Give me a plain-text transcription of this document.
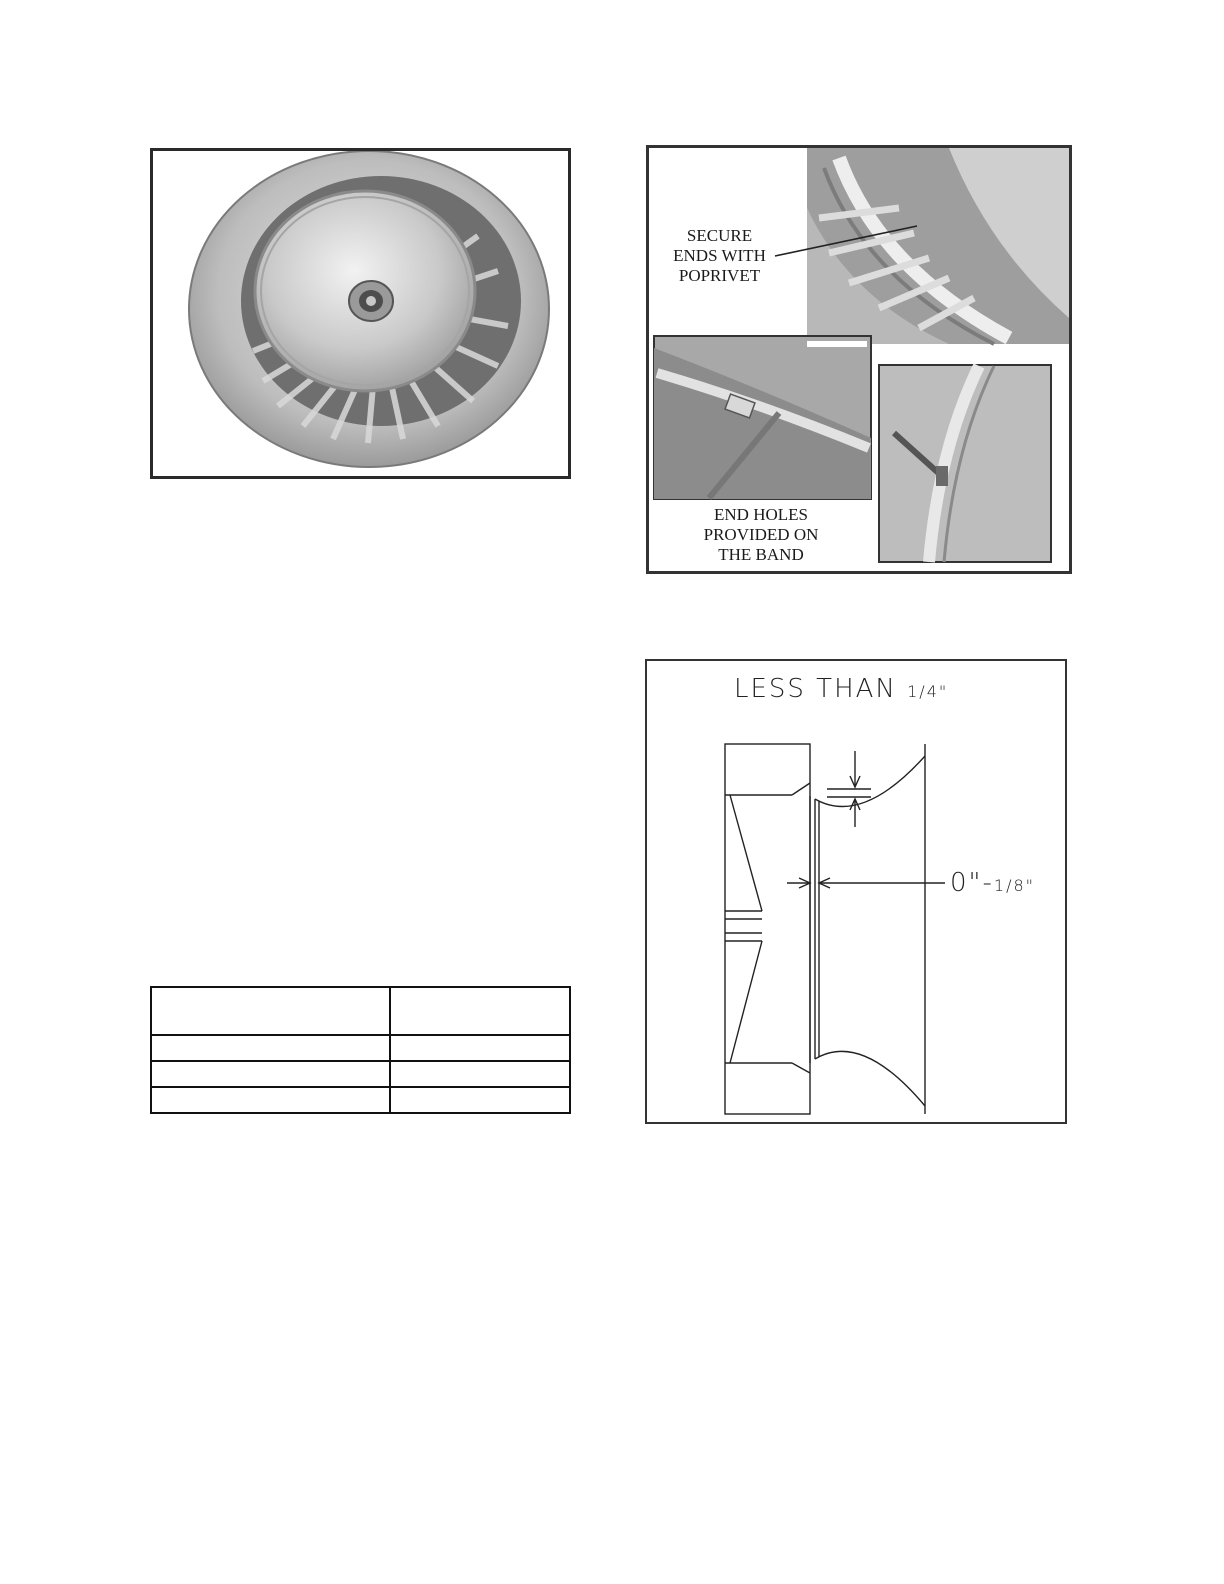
SECURE
ENDS WITH
POPRIVET
END HOLES
PROVIDED ON
THE BAND
LESS THAN 1/4"
0"-1/8"
